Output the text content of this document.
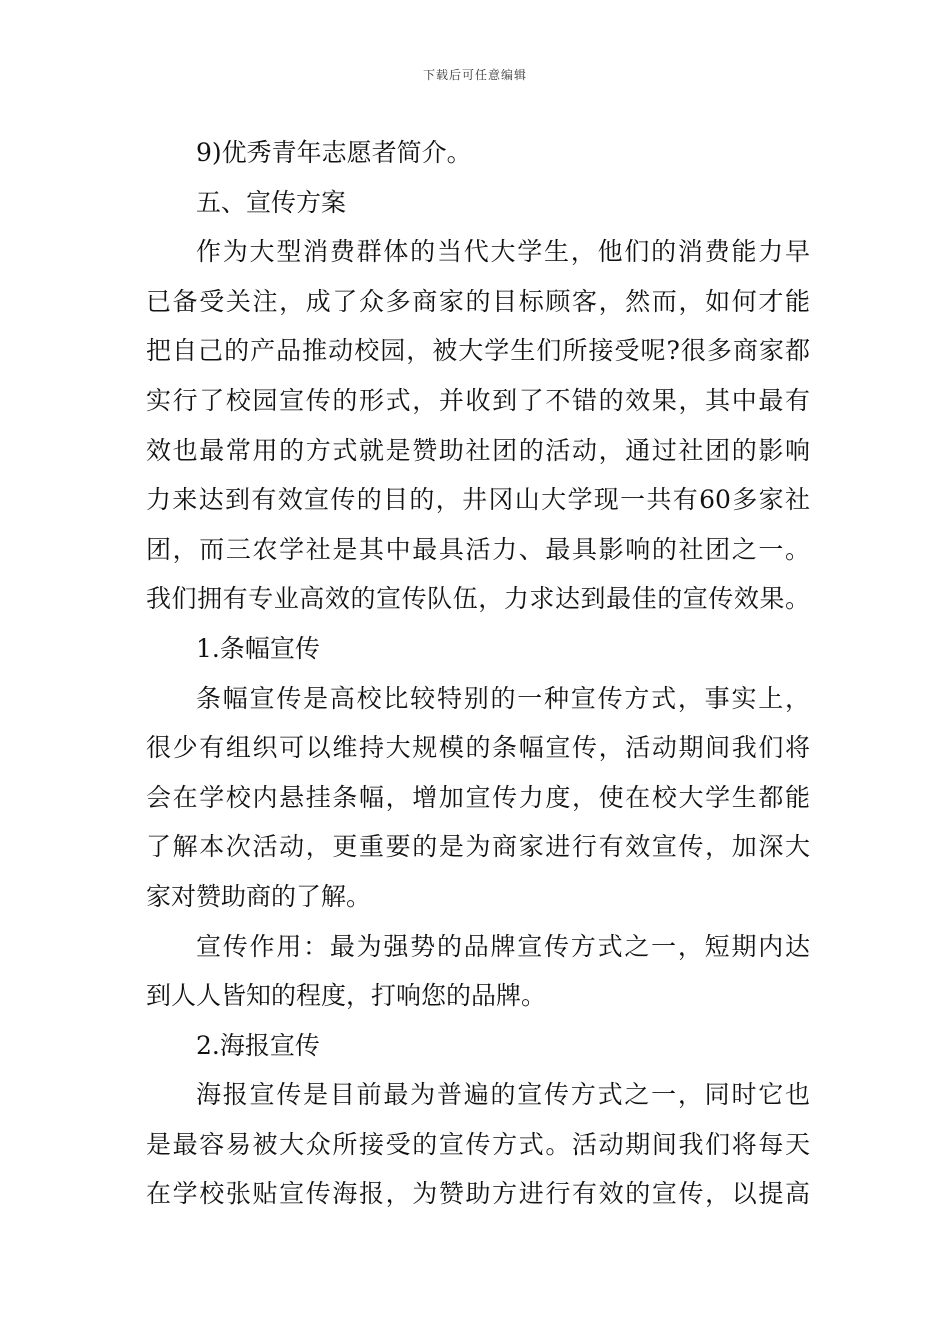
下载后可任意编辑
9)优秀青年志愿者简介。
五、宣传方案
作为大型消费群体的当代大学生，他们的消费能力早
已备受关注，成了众多商家的目标顾客，然而，如何才能
把自己的产品推动校园，被大学生们所接受呢?很多商家都
实行了校园宣传的形式，并收到了不错的效果，其中最有
效也最常用的方式就是赞助社团的活动，通过社团的影响
力来达到有效宣传的目的，井冈山大学现一共有60多家社
团，而三农学社是其中最具活力、最具影响的社团之一。
我们拥有专业高效的宣传队伍，力求达到最佳的宣传效果。
1.条幅宣传
条幅宣传是高校比较特别的一种宣传方式，事实上，
很少有组织可以维持大规模的条幅宣传，活动期间我们将
会在学校内悬挂条幅，增加宣传力度，使在校大学生都能
了解本次活动，更重要的是为商家进行有效宣传，加深大
家对赞助商的了解。
宣传作用：最为强势的品牌宣传方式之一，短期内达
到人人皆知的程度，打响您的品牌。
2.海报宣传
海报宣传是目前最为普遍的宣传方式之一，同时它也
是最容易被大众所接受的宣传方式。活动期间我们将每天
在学校张贴宣传海报，为赞助方进行有效的宣传，以提高
